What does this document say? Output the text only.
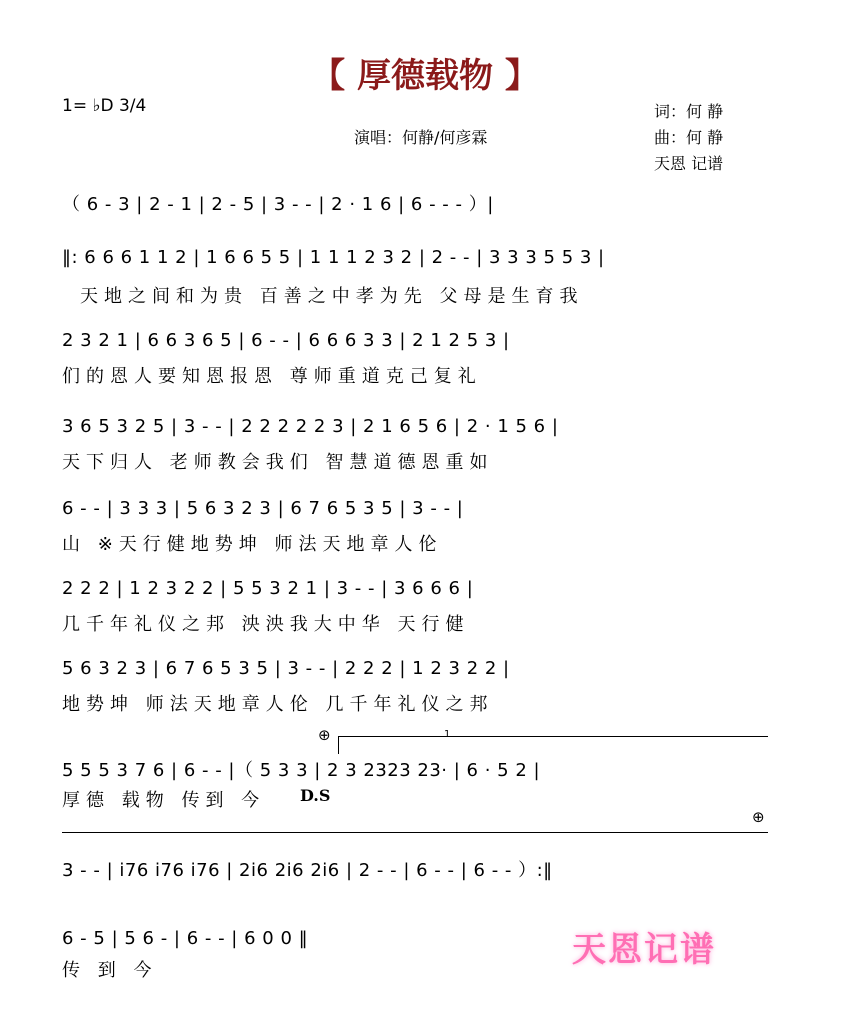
【 厚德载物 】
1= ♭D 3/4	词：何 静
演唱：何静/何彦霖	曲：何 静
天恩 记谱
（ 6 - 3 | 2 - 1 | 2 - 5 | 3 - - | 2 · 1 6 | 6 - - - ）|
‖: 6 6 6 1 1 2 | 1 6 6 5 5 | 1 1 1 2 3 2 | 2 - - | 3 3 3 5 5 3 |
天地之间和为贵 百善之中孝为先 父母是生育我
2 3 2 1 | 6 6 3 6 5 | 6 - - | 6 6 6 3 3 | 2 1 2 5 3 |
们的恩人要知恩报恩 尊师重道克己复礼
3 6 5 3 2 5 | 3 - - | 2 2 2 2 2 3 | 2 1 6 5 6 | 2 · 1 5 6 |
天下归人 老师教会我们 智慧道德恩重如
6 - - | 3 3 3 | 5 6 3 2 3 | 6 7 6 5 3 5 | 3 - - |
山 ※天行健地势坤 师法天地章人伦
2 2 2 | 1 2 3 2 2 | 5 5 3 2 1 | 3 - - | 3 6 6 6 |
几千年礼仪之邦 泱泱我大中华 天行健
5 6 3 2 3 | 6 7 6 5 3 5 | 3 - - | 2 2 2 | 1 2 3 2 2 |
地势坤 师法天地章人伦 几千年礼仪之邦
⊕	1
5 5 5 3 7 6 | 6 - - |（ 5 3 3 | 2 3 2323 23· | 6 · 5 2 |
厚德 载物 传到 今 D.S
⊕
3 - - | i76 i76 i76 | 2i6 2i6 2i6 | 2 - - | 6 - - | 6 - - ）:‖
6 - 5 | 5 6 - | 6 - - | 6 0 0 ‖
传 到 今
天恩记谱
